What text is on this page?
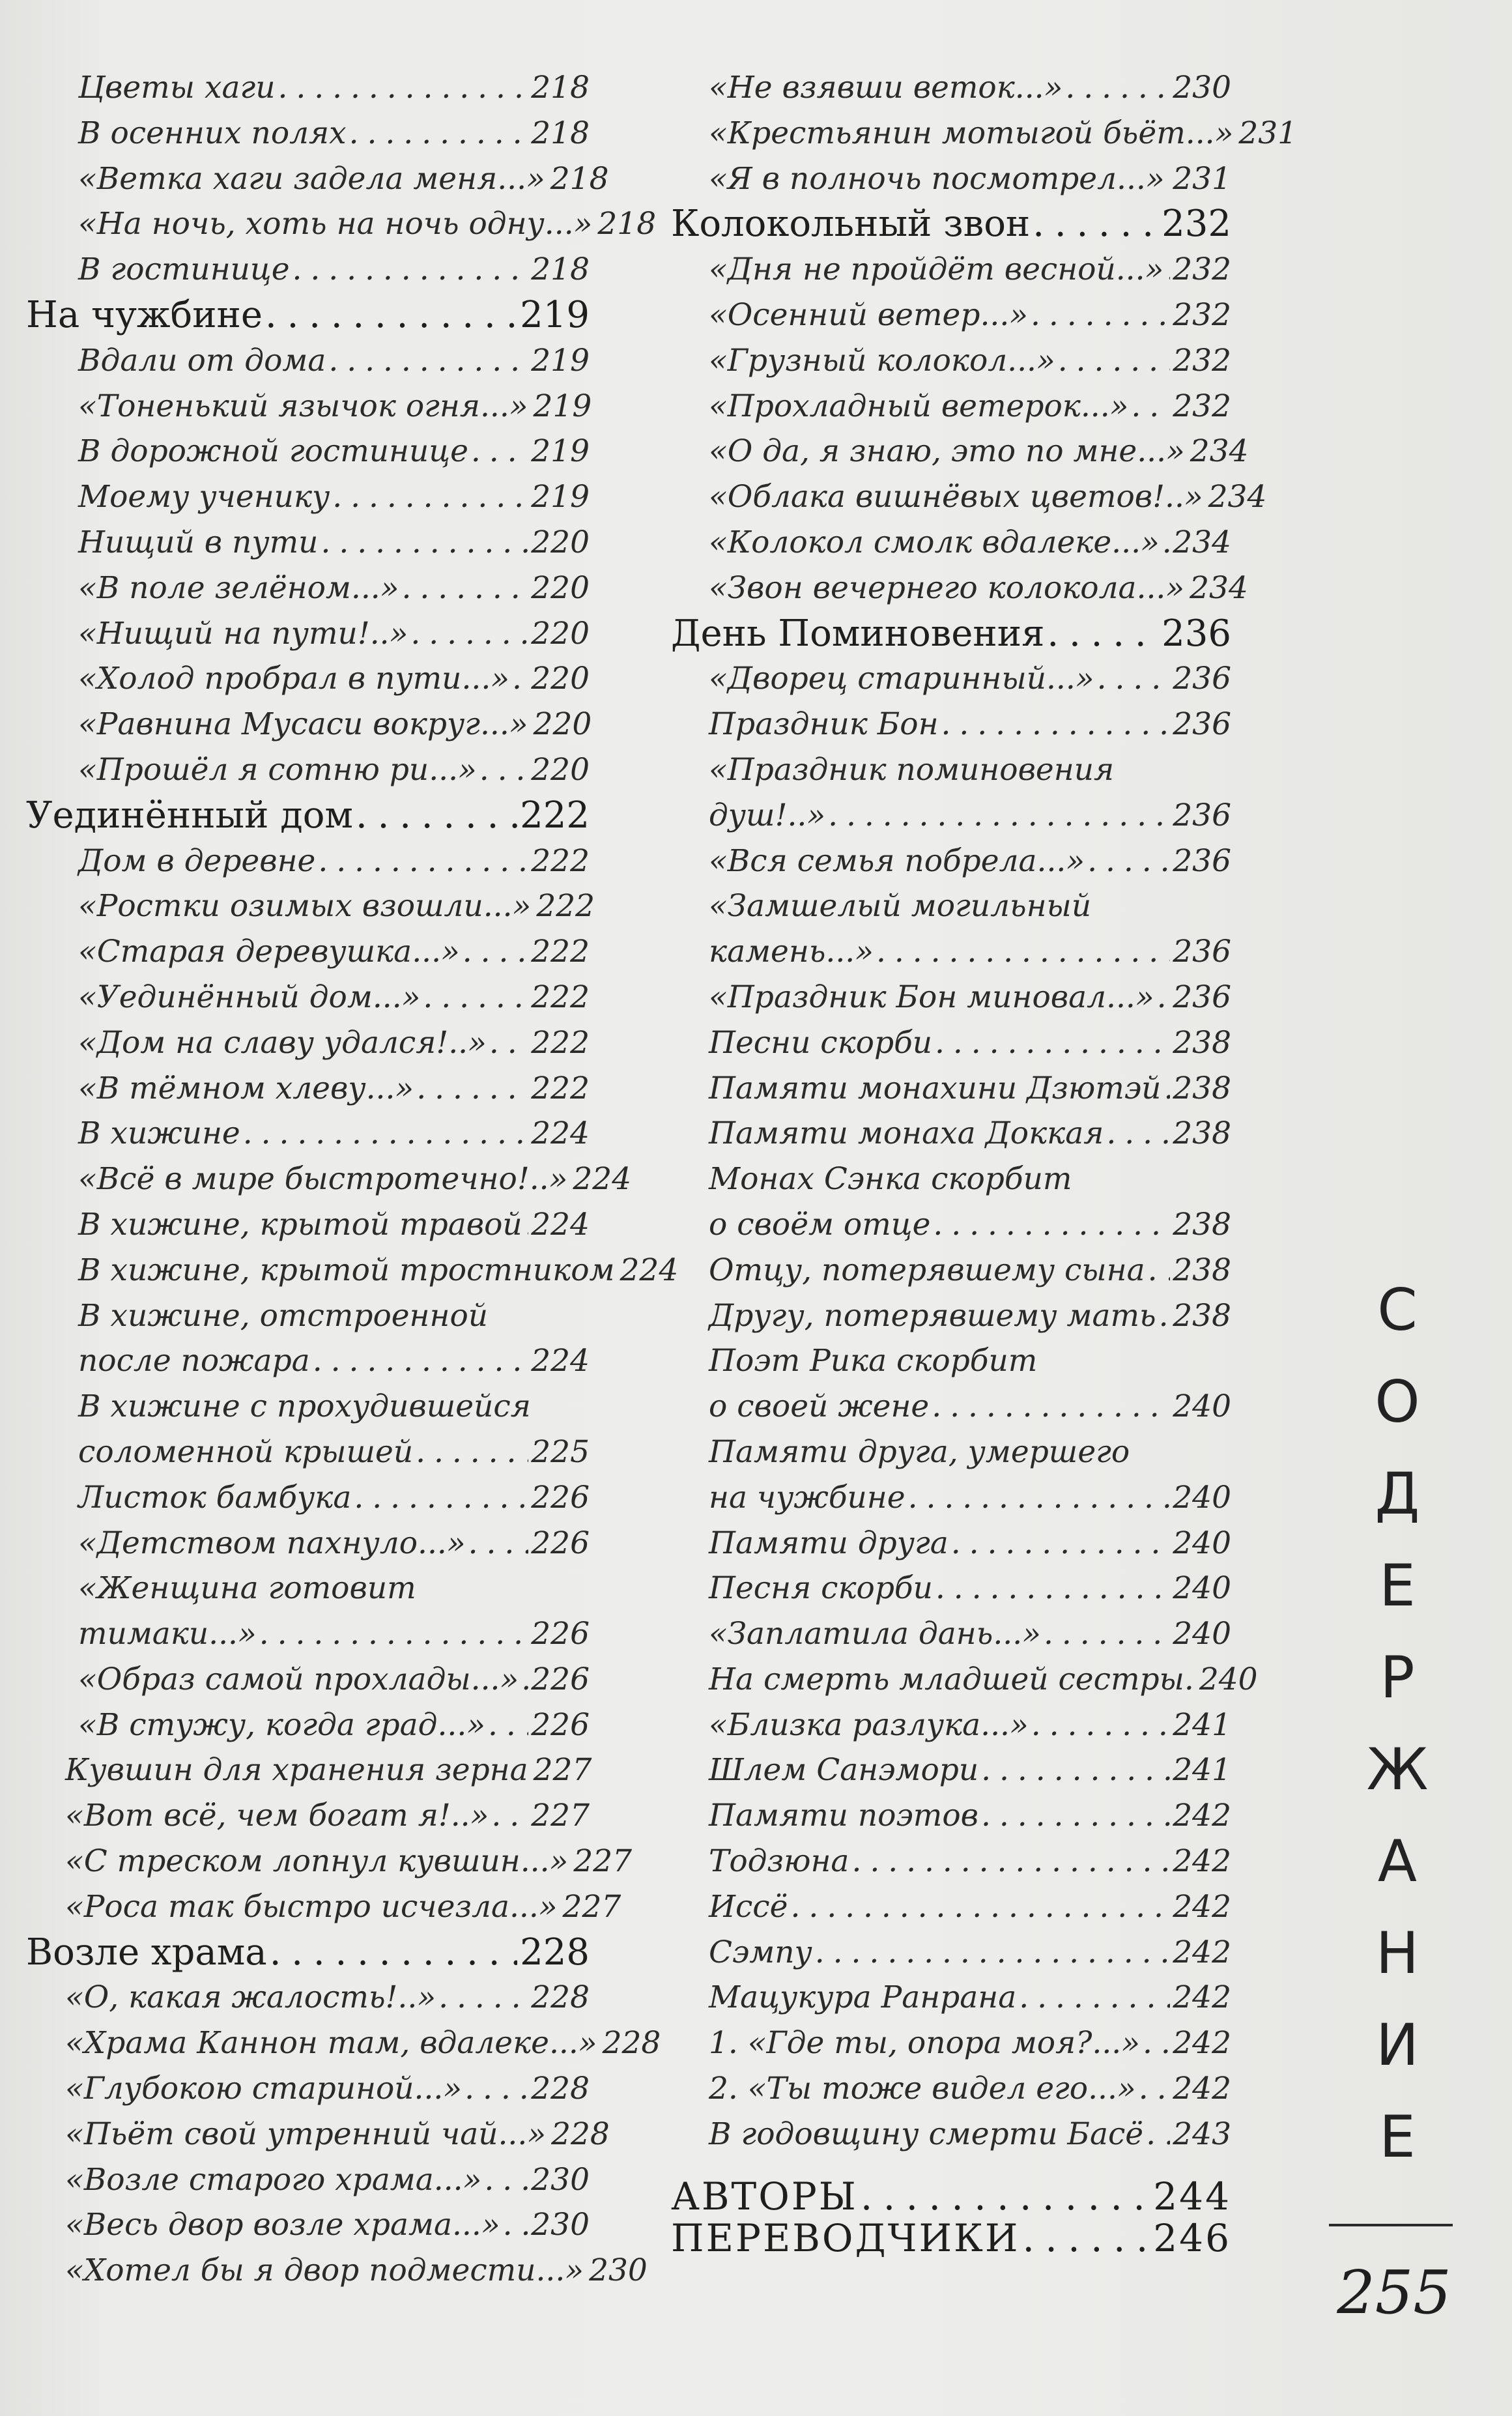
Цветы хаги . . .	218
В осенних полях . . .	218
«Ветка хаги задела меня...» 218
«На ночь, хоть на ночь одну...» 218
В гостинице . . .	218
На чужбине . . .	219
Вдали от дома . . .	219
«Тоненький язычок огня...» 219
В дорожной гостинице . . . 219
Моему ученику . . .	219
Нищий в пути . . .	220
«В поле зелёном...» . . .	220
«Нищий на пути!..» . . .	220
«Холод пробрал в пути...» . . . 220
«Равнина Мусаси вокруг...» 220
«Прошёл я сотню ри...» . . . 220
Уединённый дом . . .	222
Дом в деревне . . .	222
«Ростки озимых взошли...» 222
«Старая деревушка...» . . . 222
«Уединённый дом...» . . .	222
«Дом на славу удался!..» . . . 222
«В тёмном хлеву...» . . .	222
В хижине . . .	224
«Всё в мире быстротечно!..» 224
В хижине, крытой травой . . . 224
В хижине, крытой тростником 224
В хижине, отстроенной
после пожара . . .	224
В хижине с прохудившейся
соломенной крышей . . .	225
Листок бамбука . . .	226
«Детством пахнуло...» . . . 226
«Женщина готовит
тимаки...» . . .	226
«Образ самой прохлады...» . . . 226
«В стужу, когда град...» . . . 226
Кувшин для хранения зерна 227
«Вот всё, чем богат я!..» . . . 227
«С треском лопнул кувшин...» 227
«Роса так быстро исчезла...» 227
Возле храма . . .	228
«О, какая жалость!..» . . .	228
«Храма Каннон там, вдалеке...» 228
«Глубокою стариной...» . . . 228
«Пьёт свой утренний чай...» 228
«Возле старого храма...» . . . 230
«Весь двор возле храма...» . . . 230
«Хотел бы я двор подмести...» 230
«Не взявши веток...» . . .	230
«Крестьянин мотыгой бьёт...» 231
«Я в полночь посмотрел...» . . . 231
Колокольный звон . . .	232
«Дня не пройдёт весной...» . . . 232
«Осенний ветер...» . . .	232
«Грузный колокол...» . . .	232
«Прохладный ветерок...» . . . 232
«О да, я знаю, это по мне...» 234
«Облака вишнёвых цветов!..» 234
«Колокол смолк вдалеке...» . . . 234
«Звон вечернего колокола...» 234
День Поминовения . . .	236
«Дворец старинный...» . . .	236
Праздник Бон . . .	236
«Праздник поминовения
душ!..» . . .	236
«Вся семья побрела...» . . .	236
«Замшелый могильный
камень...» . . .	236
«Праздник Бон миновал...» . . . 236
Песни скорби . . .	238
Памяти монахини Дзютэй . . . 238
Памяти монаха Доккая . . . 238
Монах Сэнка скорбит
о своём отце . . .	238
Отцу, потерявшему сына . . . 238
Другу, потерявшему мать . . . 238
Поэт Рика скорбит
о своей жене . . .	240
Памяти друга, умершего
на чужбине . . .	240
Памяти друга . . .	240
Песня скорби . . .	240
«Заплатила дань...» . . .	240
На смерть младшей сестры. 240
«Близка разлука...» . . .	241
Шлем Санэмори . . .	241
Памяти поэтов . . .	242
Тодзюна . . .	242
Иссё . . .	242
Сэмпу . . .	242
Мацукура Ранрана . . .	242
1. «Где ты, опора моя?...» . . . 242
2. «Ты тоже видел его...» . . . 242
В годовщину смерти Басё . . . 243
АВТОРЫ . . .	244
ПЕРЕВОДЧИКИ . . .	246
С
О
Д
Е
Р
Ж
А
Н
И
Е
255
